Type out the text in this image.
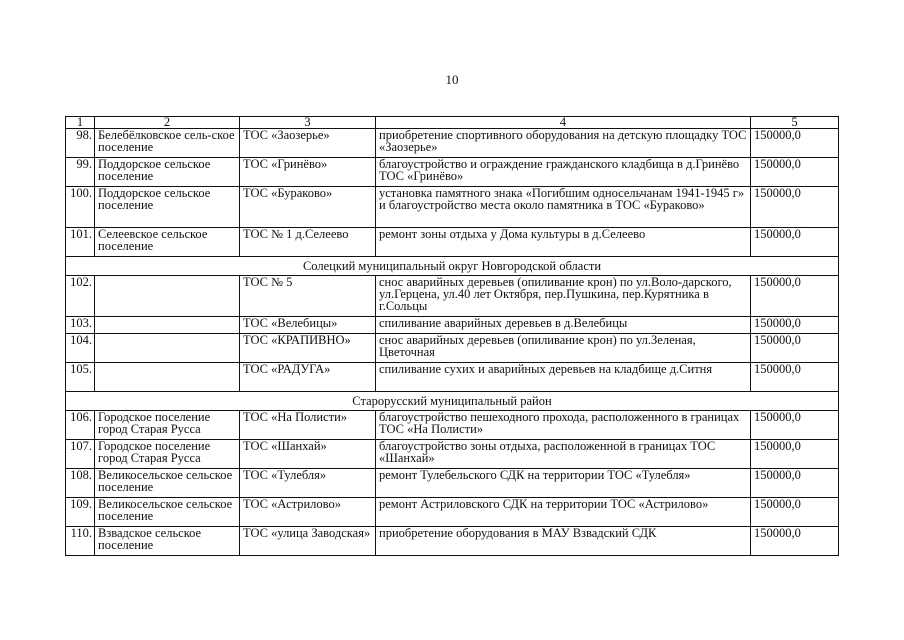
10
1	2	3	4	5
98.	Белебёлковское сель-ское поселение	ТОС «Заозерье»	приобретение спортивного оборудования на детскую площадку ТОС «Заозерье»	150000,0
99.	Поддорское сельское поселение	ТОС «Гринёво»	благоустройство и ограждение гражданского кладбища в д.Гринёво ТОС «Гринёво»	150000,0
100.	Поддорское сельское поселение	ТОС «Бураково»	установка памятного знака «Погибшим односельчанам 1941-1945 г» и благоустройство места около памятника в ТОС «Бураково»	150000,0
101.	Селеевское сельское поселение	ТОС № 1 д.Селеево	ремонт зоны отдыха у Дома культуры в д.Селеево	150000,0
Солецкий муниципальный округ Новгородской области				
102.		ТОС № 5	снос аварийных деревьев (опиливание крон) по ул.Воло-дарского, ул.Герцена, ул.40 лет Октября, пер.Пушкина, пер.Курятника в г.Сольцы	150000,0
103.		ТОС «Велебицы»	спиливание аварийных деревьев в д.Велебицы	150000,0
104.		ТОС «КРАПИВНО»	снос аварийных деревьев (опиливание крон) по ул.Зеленая, Цветочная	150000,0
105.		ТОС «РАДУГА»	спиливание сухих и аварийных деревьев на кладбище д.Ситня	150000,0
Старорусский муниципальный район				
106.	Городское поселение город Старая Русса	ТОС «На Полисти»	благоустройство пешеходного прохода, расположенного в границах ТОС «На Полисти»	150000,0
107.	Городское поселение город Старая Русса	ТОС «Шанхай»	благоустройство зоны отдыха, расположенной в границах ТОС «Шанхай»	150000,0
108.	Великосельское сельское поселение	ТОС «Тулебля»	ремонт Тулебельского СДК на территории ТОС «Тулебля»	150000,0
109.	Великосельское сельское поселение	ТОС «Астрилово»	ремонт Астриловского СДК на территории ТОС «Астрилово»	150000,0
110.	Взвадское сельское поселение	ТОС «улица Заводская»	приобретение оборудования в МАУ Взвадский СДК	150000,0
